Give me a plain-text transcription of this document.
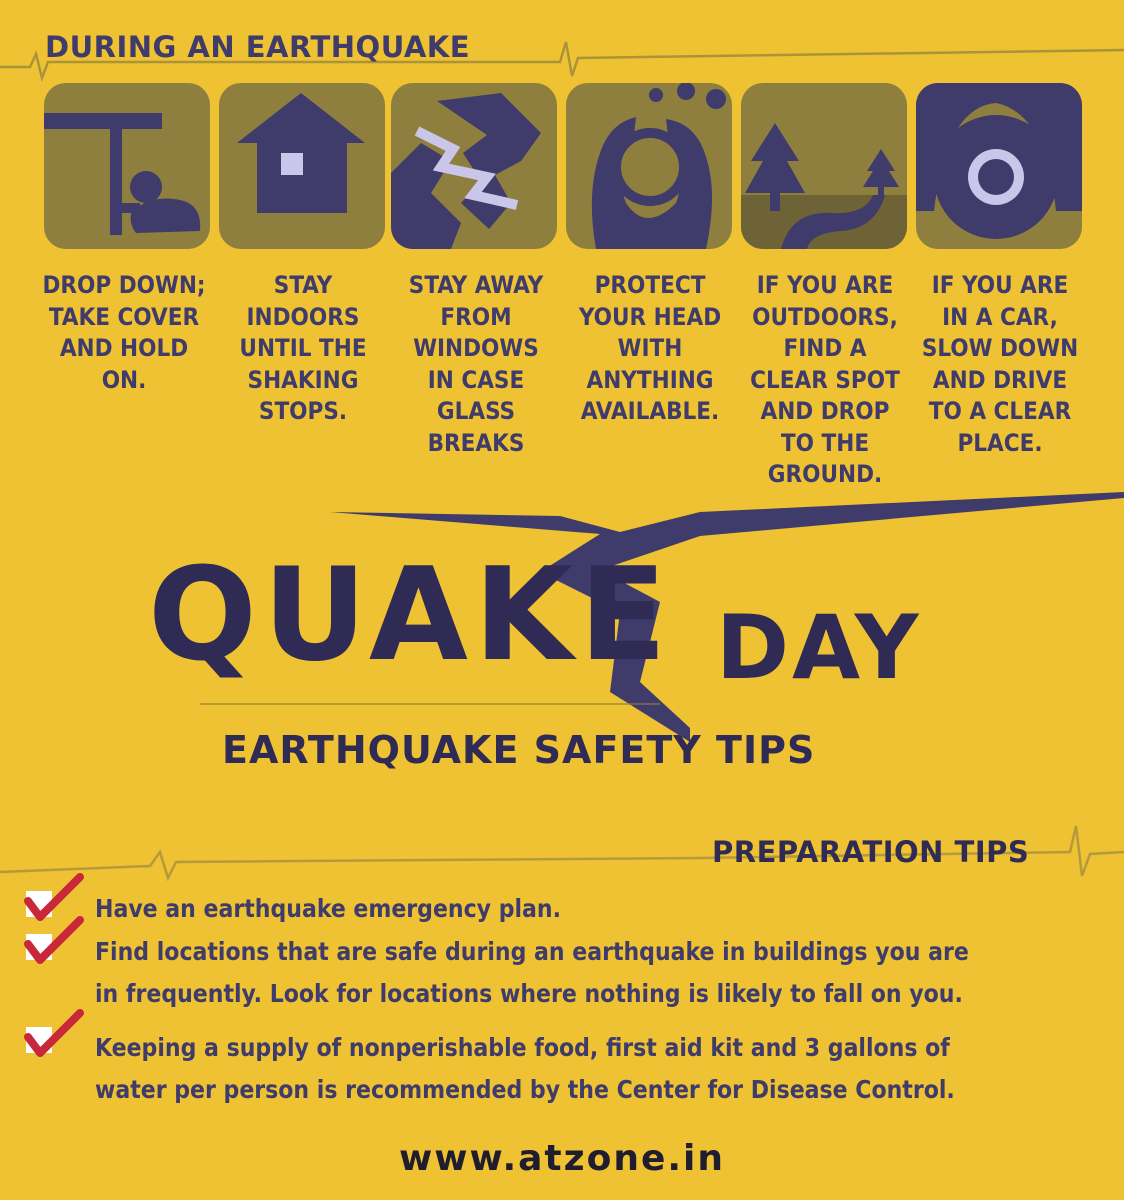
DURING AN EARTHQUAKE
DROP DOWN;
TAKE COVER
AND HOLD
ON.
STAY
INDOORS
UNTIL THE
SHAKING
STOPS.
STAY AWAY
FROM
WINDOWS
IN CASE
GLASS
BREAKS
PROTECT
YOUR HEAD
WITH
ANYTHING
AVAILABLE.
IF YOU ARE
OUTDOORS,
FIND A
CLEAR SPOT
AND DROP
TO THE
GROUND.
IF YOU ARE
IN A CAR,
SLOW DOWN
AND DRIVE
TO A CLEAR
PLACE.
QUAKE DAY
EARTHQUAKE SAFETY TIPS
PREPARATION TIPS
Have an earthquake emergency plan.
Find locations that are safe during an earthquake in buildings you are
in frequently. Look for locations where nothing is likely to fall on you.
Keeping a supply of nonperishable food, first aid kit and 3 gallons of
water per person is recommended by the Center for Disease Control.
www.atzone.in
